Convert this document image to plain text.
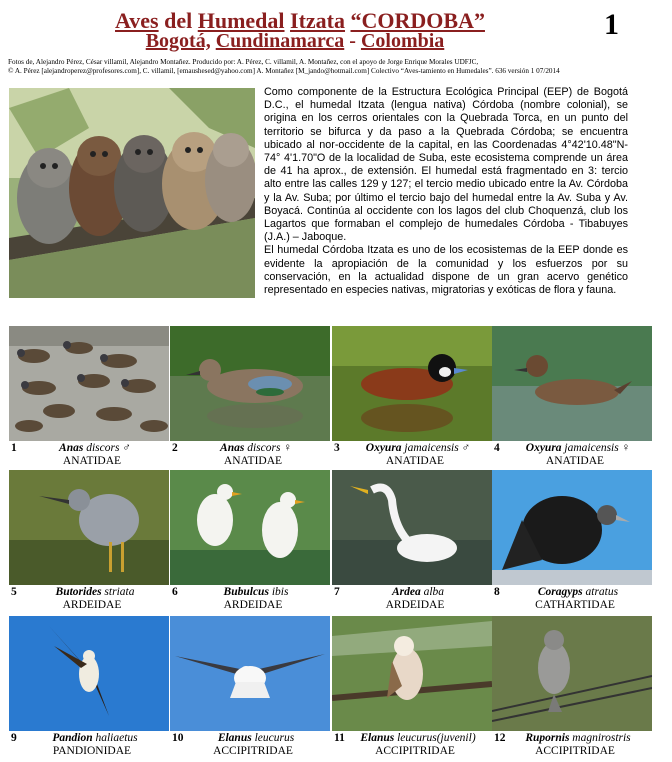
Aves del Humedal Itzata “CORDOBA”
Bogotá, Cundinamarca - Colombia	1
Fotos de, Alejandro Pérez, César villamil, Alejandro Montañez. Producido por: A. Pérez, C. villamil, A. Montañez, con el apoyo de Jorge Enrique Morales UDFJC,
© A. Pérez [alejandroperez@profesores.com], C. villamil, [emaushesed@yahoo.com] A. Montañez [M_jando@hotmail.com] Colectivo “Aves-tamiento en Humedales”. 636 versión 1 07/2014

Como componente de la Estructura Ecológica Principal (EEP) de Bogotá D.C., el humedal Itzata (lengua nativa) Córdoba (nombre colonial), se origina en los cerros orientales con la Quebrada Torca, en un punto del territorio se bifurca y da paso a la Quebrada Córdoba; se encuentra ubicado al nor-occidente de la capital, en las Coordenadas 4°42'10.48"N-74° 4'1.70"O de la localidad de Suba, este ecosistema comprende un área de 41 ha aprox., de extensión. El humedal está fragmentado en 3: tercio alto entre las calles 129 y 127; el tercio medio ubicado entre la Av. Córdoba y la Av. Suba; por último el tercio bajo del humedal entre la Av. Suba y Av. Boyacá. Continúa al occidente con los lagos del club Choquenzá, club los Lagartos que formaban el complejo de humedales Córdoba - Tibabuyes (J.A.) – Jaboque.

El humedal Córdoba Itzata es uno de los ecosistemas de la EEP donde es evidente la apropiación de la comunidad y los esfuerzos por su conservación, en la actualidad dispone de un gran acervo genético representado en especies nativas, migratorias y exóticas de flora y fauna.

1	Anas discors ♂
ANATIDAE
2	Anas discors ♀
ANATIDAE
3	Oxyura jamaicensis ♂
ANATIDAE
4	Oxyura jamaicensis ♀
ANATIDAE
5	Butorides striata
ARDEIDAE
6	Bubulcus ibis
ARDEIDAE
7	Ardea alba
ARDEIDAE
8	Coragyps atratus
CATHARTIDAE
9	Pandion haliaetus
PANDIONIDAE
10	Elanus leucurus
ACCIPITRIDAE
11	Elanus leucurus(juvenil)
ACCIPITRIDAE
12	Rupornis magnirostris
ACCIPITRIDAE
